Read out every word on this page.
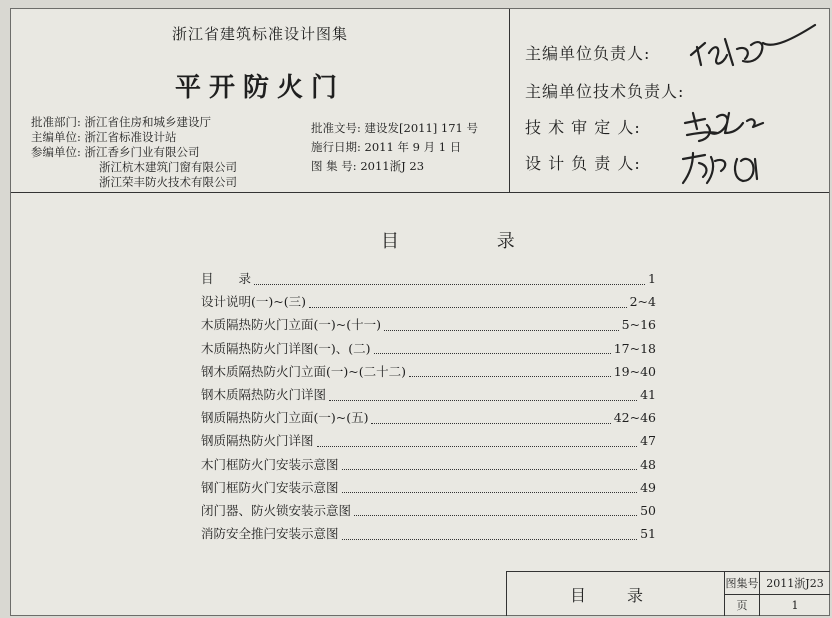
浙江省建筑标准设计图集
平开防火门
批准部门: 浙江省住房和城乡建设厅
主编单位: 浙江省标准设计站
参编单位: 浙江香乡门业有限公司
浙江杭木建筑门窗有限公司
浙江荣丰防火技术有限公司
批准文号: 建设发[2011] 171 号
施行日期: 2011 年 9 月 1 日
图 集 号: 2011浙J 23
主编单位负责人:
主编单位技术负责人:
技 术 审 定 人:
设 计 负 责 人:
目 录
目　　录	1
设计说明(一)~(三)	2~4
木质隔热防火门立面(一)~(十一)	5~16
木质隔热防火门详图(一)、(二)	17~18
钢木质隔热防火门立面(一)~(二十二)	19~40
钢木质隔热防火门详图	41
钢质隔热防火门立面(一)~(五)	42~46
钢质隔热防火门详图	47
木门框防火门安装示意图	48
钢门框防火门安装示意图	49
闭门器、防火锁安装示意图	50
消防安全推闩安装示意图	51
目 录
图集号 2011浙J23
页	1
